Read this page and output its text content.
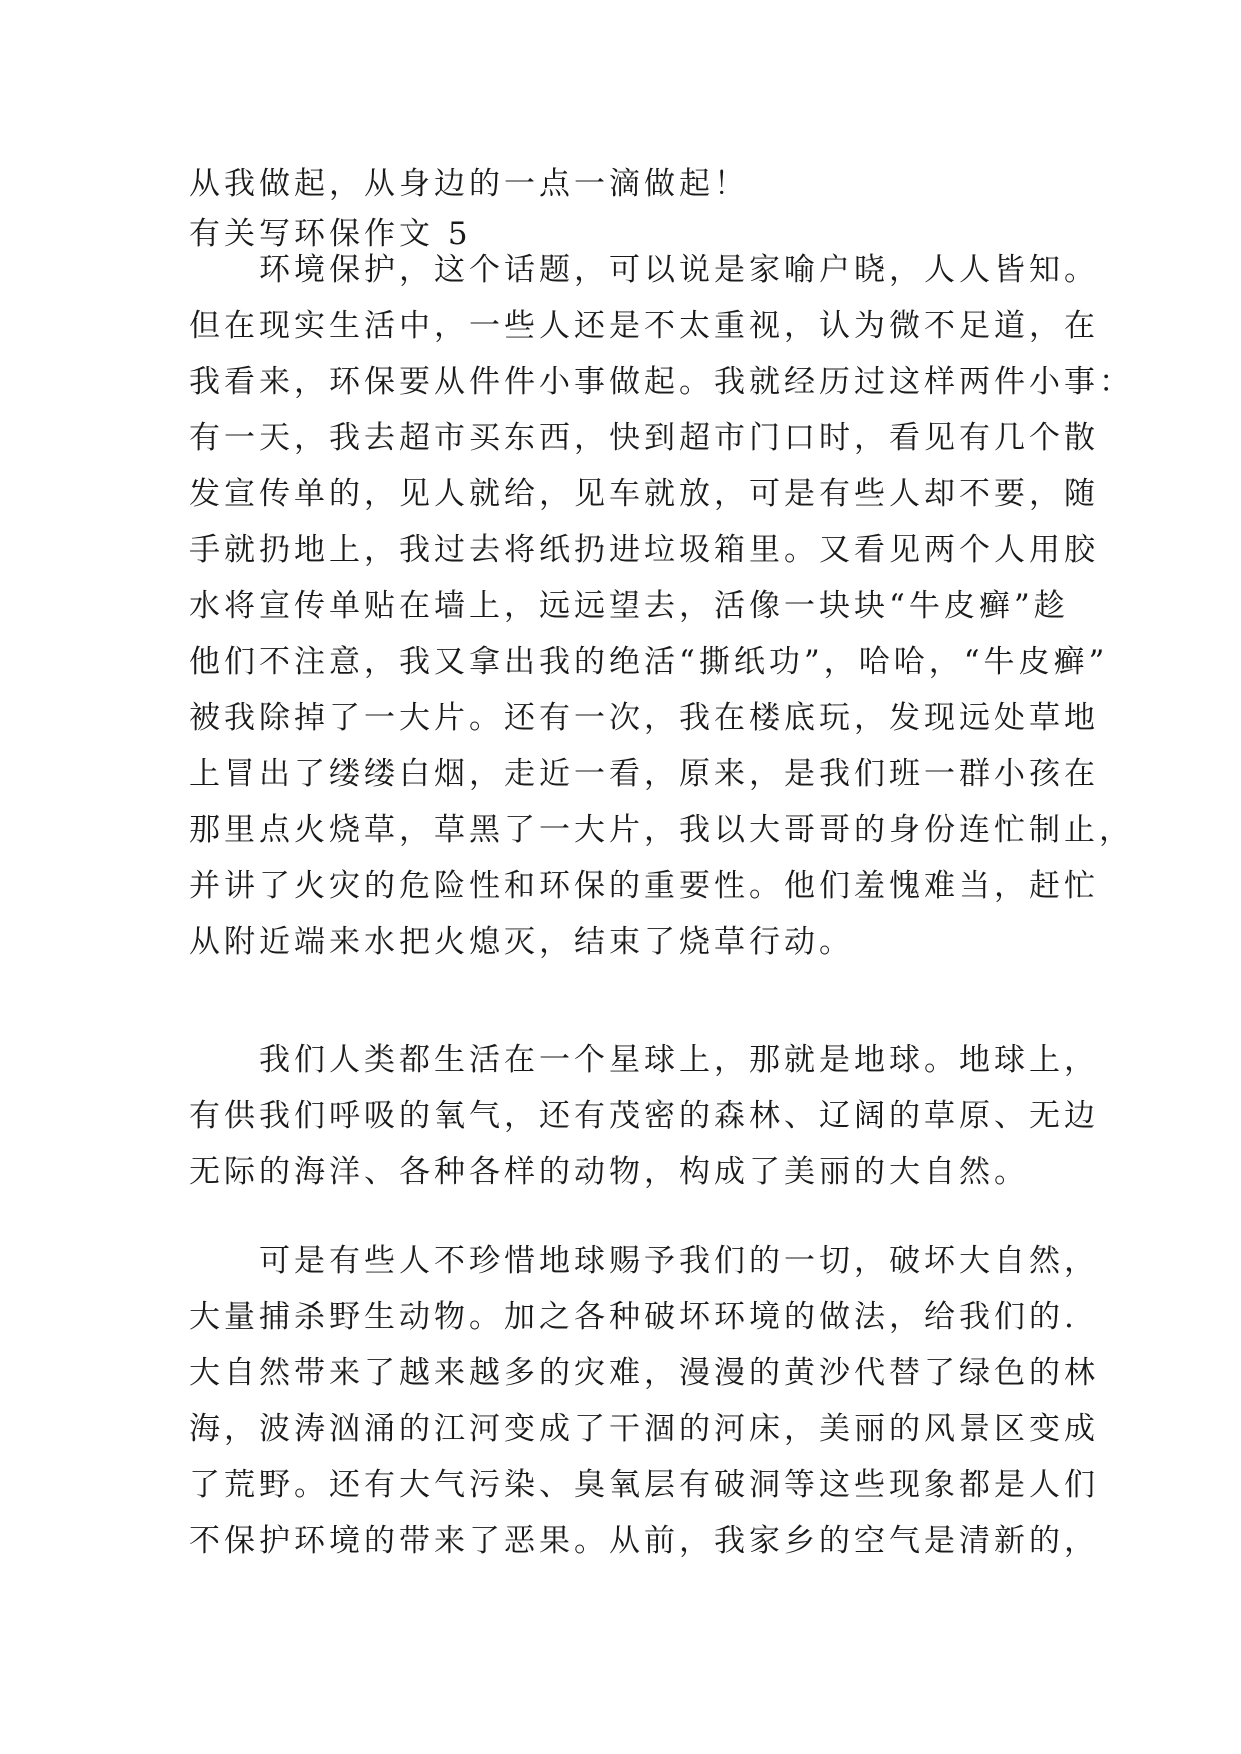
从我做起，从身边的一点一滴做起！
有关写环保作文 5
　　环境保护，这个话题，可以说是家喻户晓，人人皆知。
但在现实生活中，一些人还是不太重视，认为微不足道，在
我看来，环保要从件件小事做起。我就经历过这样两件小事：
有一天，我去超市买东西，快到超市门口时，看见有几个散
发宣传单的，见人就给，见车就放，可是有些人却不要，随
手就扔地上，我过去将纸扔进垃圾箱里。又看见两个人用胶
水将宣传单贴在墙上，远远望去，活像一块块“牛皮癣”趁
他们不注意，我又拿出我的绝活“撕纸功”，哈哈，“牛皮癣”
被我除掉了一大片。还有一次，我在楼底玩，发现远处草地
上冒出了缕缕白烟，走近一看，原来，是我们班一群小孩在
那里点火烧草，草黑了一大片，我以大哥哥的身份连忙制止，
并讲了火灾的危险性和环保的重要性。他们羞愧难当，赶忙
从附近端来水把火熄灭，结束了烧草行动。
　　我们人类都生活在一个星球上，那就是地球。地球上，
有供我们呼吸的氧气，还有茂密的森林、辽阔的草原、无边
无际的海洋、各种各样的动物，构成了美丽的大自然。
　　可是有些人不珍惜地球赐予我们的一切，破坏大自然，
大量捕杀野生动物。加之各种破坏环境的做法，给我们的.
大自然带来了越来越多的灾难，漫漫的黄沙代替了绿色的林
海，波涛汹涌的江河变成了干涸的河床，美丽的风景区变成
了荒野。还有大气污染、臭氧层有破洞等这些现象都是人们
不保护环境的带来了恶果。从前，我家乡的空气是清新的，
